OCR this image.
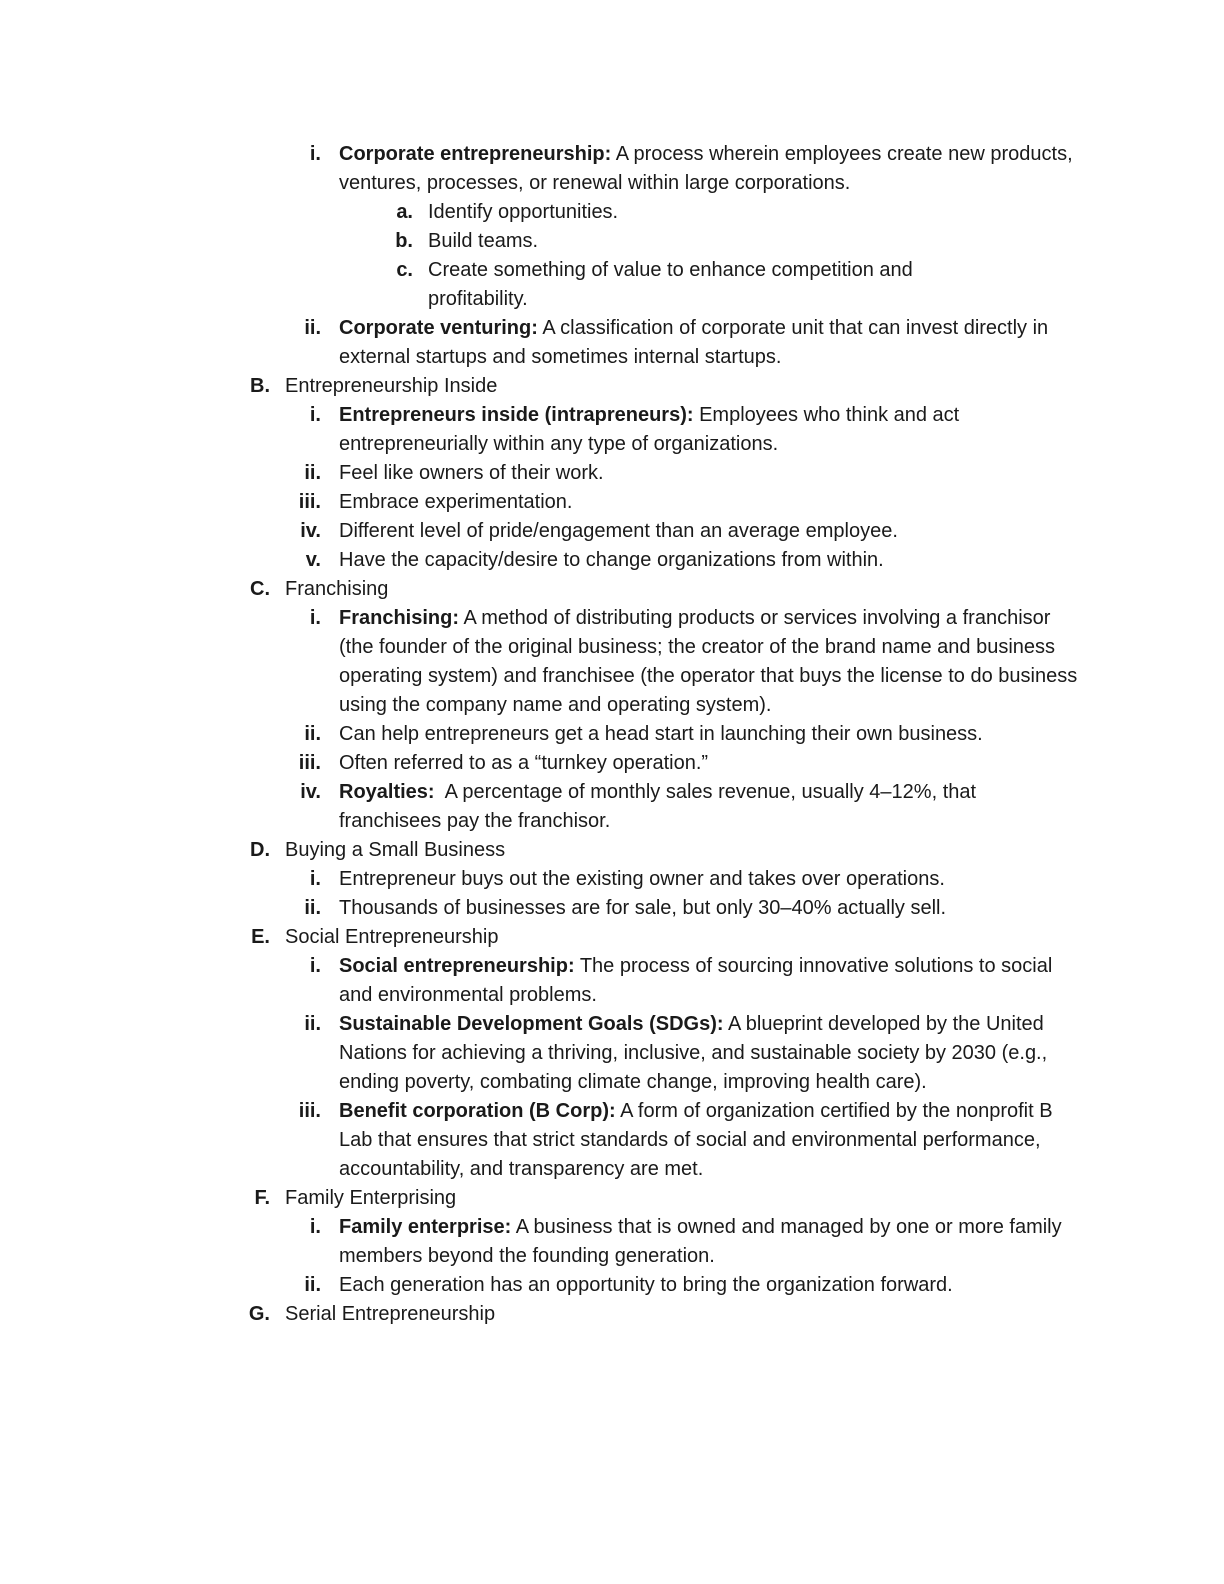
i. Corporate entrepreneurship: A process wherein employees create new products, ventures, processes, or renewal within large corporations.
a. Identify opportunities.
b. Build teams.
c. Create something of value to enhance competition and profitability.
ii. Corporate venturing: A classification of corporate unit that can invest directly in external startups and sometimes internal startups.
B. Entrepreneurship Inside
i. Entrepreneurs inside (intrapreneurs): Employees who think and act entrepreneurially within any type of organizations.
ii. Feel like owners of their work.
iii. Embrace experimentation.
iv. Different level of pride/engagement than an average employee.
v. Have the capacity/desire to change organizations from within.
C. Franchising
i. Franchising: A method of distributing products or services involving a franchisor (the founder of the original business; the creator of the brand name and business operating system) and franchisee (the operator that buys the license to do business using the company name and operating system).
ii. Can help entrepreneurs get a head start in launching their own business.
iii. Often referred to as a “turnkey operation.”
iv. Royalties:  A percentage of monthly sales revenue, usually 4–12%, that franchisees pay the franchisor.
D. Buying a Small Business
i. Entrepreneur buys out the existing owner and takes over operations.
ii. Thousands of businesses are for sale, but only 30–40% actually sell.
E. Social Entrepreneurship
i. Social entrepreneurship: The process of sourcing innovative solutions to social and environmental problems.
ii. Sustainable Development Goals (SDGs): A blueprint developed by the United Nations for achieving a thriving, inclusive, and sustainable society by 2030 (e.g., ending poverty, combating climate change, improving health care).
iii. Benefit corporation (B Corp): A form of organization certified by the nonprofit B Lab that ensures that strict standards of social and environmental performance, accountability, and transparency are met.
F. Family Enterprising
i. Family enterprise: A business that is owned and managed by one or more family members beyond the founding generation.
ii. Each generation has an opportunity to bring the organization forward.
G. Serial Entrepreneurship
